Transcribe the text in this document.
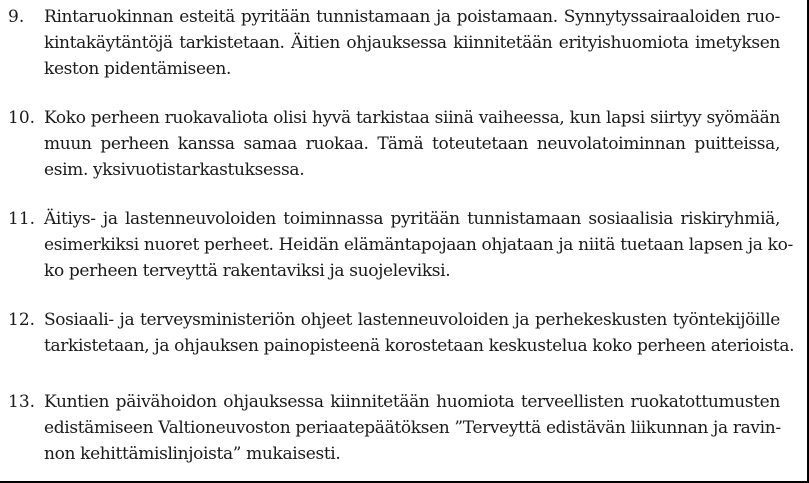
9. Rintaruokinnan esteitä pyritään tunnistamaan ja poistamaan. Synnytyssairaaloiden ruo-
kintakäytäntöjä tarkistetaan. Äitien ohjauksessa kiinnitetään erityishuomiota imetyksen
keston pidentämiseen.
10. Koko perheen ruokavaliota olisi hyvä tarkistaa siinä vaiheessa, kun lapsi siirtyy syömään
muun perheen kanssa samaa ruokaa. Tämä toteutetaan neuvolatoiminnan puitteissa,
esim. yksivuotistarkastuksessa.
11. Äitiys- ja lastenneuvoloiden toiminnassa pyritään tunnistamaan sosiaalisia riskiryhmiä,
esimerkiksi nuoret perheet. Heidän elämäntapojaan ohjataan ja niitä tuetaan lapsen ja ko-
ko perheen terveyttä rakentaviksi ja suojeleviksi.
12. Sosiaali- ja terveysministeriön ohjeet lastenneuvoloiden ja perhekeskusten työntekijöille
tarkistetaan, ja ohjauksen painopisteenä korostetaan keskustelua koko perheen aterioista.
13. Kuntien päivähoidon ohjauksessa kiinnitetään huomiota terveellisten ruokatottumusten
edistämiseen Valtioneuvoston periaatepäätöksen ”Terveyttä edistävän liikunnan ja ravin-
non kehittämislinjoista” mukaisesti.
